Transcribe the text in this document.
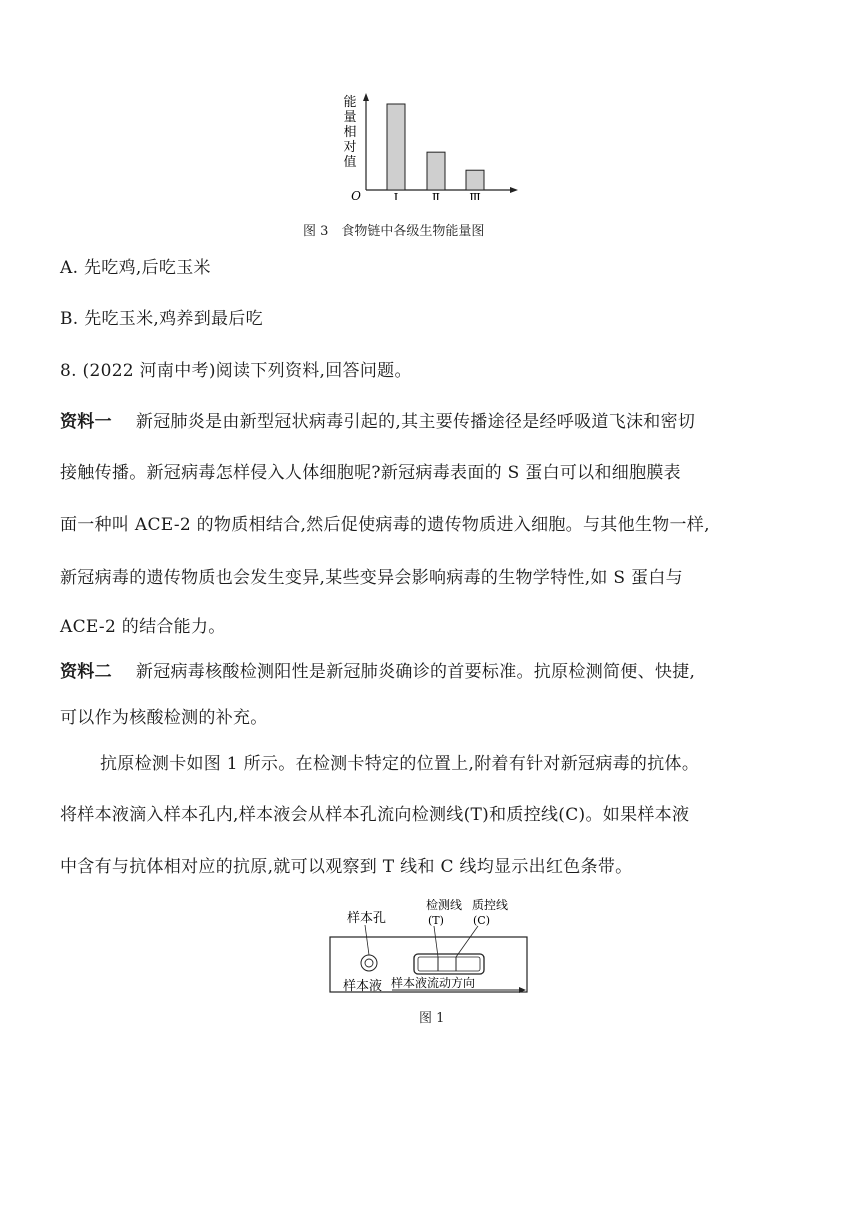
能量相对值
O	Ⅰ	Ⅱ Ⅲ
图 3　食物链中各级生物能量图
A. 先吃鸡,后吃玉米
B. 先吃玉米,鸡养到最后吃
8. (2022 河南中考)阅读下列资料,回答问题。
资料一 新冠肺炎是由新型冠状病毒引起的,其主要传播途径是经呼吸道飞沫和密切
接触传播。新冠病毒怎样侵入人体细胞呢?新冠病毒表面的 S 蛋白可以和细胞膜表
面一种叫 ACE-2 的物质相结合,然后促使病毒的遗传物质进入细胞。与其他生物一样,
新冠病毒的遗传物质也会发生变异,某些变异会影响病毒的生物学特性,如 S 蛋白与
ACE-2 的结合能力。
资料二 新冠病毒核酸检测阳性是新冠肺炎确诊的首要标准。抗原检测简便、快捷,
可以作为核酸检测的补充。
抗原检测卡如图 1 所示。在检测卡特定的位置上,附着有针对新冠病毒的抗体。
将样本液滴入样本孔内,样本液会从样本孔流向检测线(T)和质控线(C)。如果样本液
中含有与抗体相对应的抗原,就可以观察到 T 线和 C 线均显示出红色条带。
样本孔
检测线 质控线
(T)	(C)
样本液 样本液流动方向
图 1
